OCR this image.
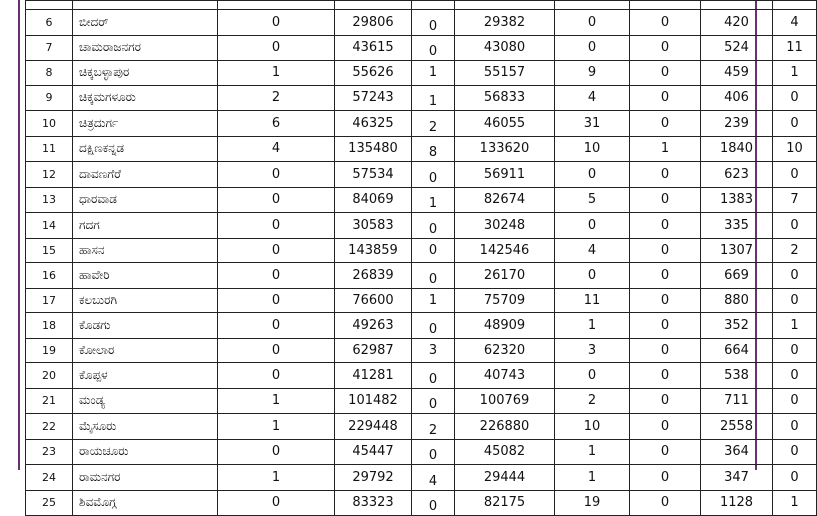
6	ಬೀದರ್	0	29806	0	29382	0	0	420	4
7	ಚಾಮರಾಜನಗರ	0	43615	0	43080	0	0	524	11
8	ಚಿಕ್ಕಬಳ್ಳಾಪುರ	1	55626	1	55157	9	0	459	1
9	ಚಿಕ್ಕಮಗಳೂರು	2	57243	1	56833	4	0	406	0
10	ಚಿತ್ರದುರ್ಗ	6	46325	2	46055	31	0	239	0
11	ದಕ್ಷಿಣಕನ್ನಡ	4	135480	8	133620	10	1	1840	10
12	ದಾವಣಗೆರೆ	0	57534	0	56911	0	0	623	0
13	ಧಾರವಾಡ	0	84069	1	82674	5	0	1383	7
14	ಗದಗ	0	30583	0	30248	0	0	335	0
15	ಹಾಸನ	0	143859	0	142546	4	0	1307	2
16	ಹಾವೇರಿ	0	26839	0	26170	0	0	669	0
17	ಕಲಬುರಗಿ	0	76600	1	75709	11	0	880	0
18	ಕೊಡಗು	0	49263	0	48909	1	0	352	1
19	ಕೋಲಾರ	0	62987	3	62320	3	0	664	0
20	ಕೊಪ್ಪಳ	0	41281	0	40743	0	0	538	0
21	ಮಂಡ್ಯ	1	101482	0	100769	2	0	711	0
22	ಮೈಸೂರು	1	229448	2	226880	10	0	2558	0
23	ರಾಯಚೂರು	0	45447	0	45082	1	0	364	0
24	ರಾಮನಗರ	1	29792	4	29444	1	0	347	0
25	ಶಿವಮೊಗ್ಗ	0	83323	0	82175	19	0	1128	1
